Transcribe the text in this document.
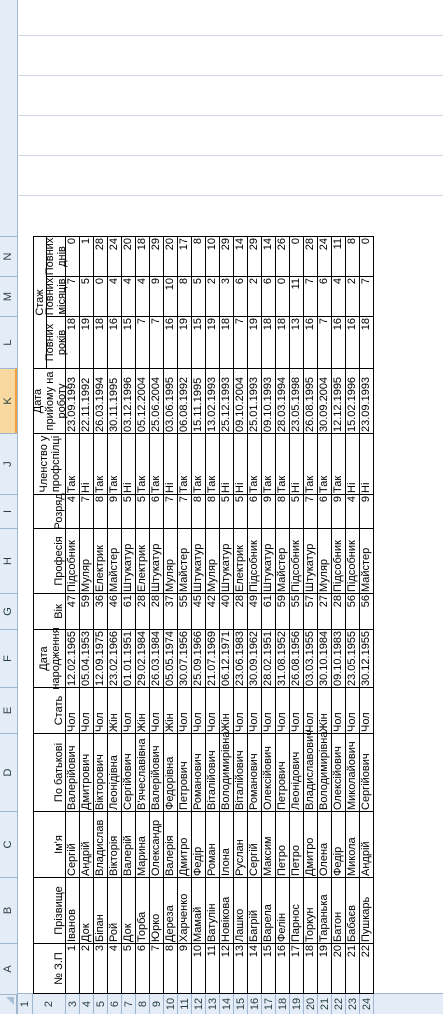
A
B
C
D
E
F
G
H
I
J
K
L
M
N
1	2	3 4 5 6 7 8 9 10 11 12 13 14 15 16 17 18 19 20 21 22 23 24
№ З.П
Прізвище
Ім'я
По батькові
Стать
Дата народження
Вік
Професія
Розряд
Членство у профспілці
Дата прийому на роботу
Стаж
Повних років
Повних місяців
Повних днів
1
Іванов
Сергій
Валерійович
Чол
12.02.1965
47
Підсобник
4
Так
23.09.1993
18
7
0
2
Док
Андрій
Дмитрович
Чол
05.04.1953
59
Муляр
7
Ні
22.11.1992
19
5
1
3
Біпан
Владислав
Вікторович
Чол
12.09.1975
36
Електрик
8
Так
26.03.1994
18
0
28
4
Рой
Вікторія
Леонідівна
Жін
23.02.1966
46
Майстер
9
Так
30.11.1995
16
4
24
5
Док
Валерій
Сергійович
Чол
01.01.1951
61
Штукатур
5
Ні
03.12.1996
15
4
20
6
Торба
Марина
В'ячеславівна
Жін
29.02.1984
28
Електрик
5
Так
05.12.2004
7
4
18
7
Юрко
Олександр
Валерійович
Чол
26.03.1984
28
Штукатур
6
Так
25.06.2004
7
9
29
8
Дереза
Валерія
Федорівна
Жін
05.05.1974
37
Муляр
7
Ні
03.06.1995
16
10
20
9
Харченко
Дмитро
Петрович
Чол
30.07.1956
55
Майстер
7
Так
06.08.1992
19
8
17
10
Мамай
Федір
Романович
Чол
25.09.1966
45
Штукатур
8
Так
15.11.1995
15
5
8
11
Ватулін
Роман
Віталійович
Чол
21.07.1969
42
Муляр
8
Так
13.02.1993
19
2
10
12
Новікова
Ілона
Володимирівна
Жін
06.12.1971
40
Штукатур
5
Ні
25.12.1993
18
3
29
13
Лашко
Руслан
Віталійович
Чол
23.06.1983
28
Електрик
5
Ні
09.10.2004
7
6
14
14
Багрій
Сергій
Романович
Чол
30.09.1962
49
Підсобник
6
Так
25.01.1993
19
2
29
15
Варела
Максим
Олексійович
Чол
28.02.1951
61
Штукатур
9
Так
09.10.1993
18
6
14
16
Фелін
Петро
Петрович
Чол
31.08.1952
59
Майстер
8
Так
28.03.1994
18
0
26
17
Парнос
Петро
Леонідович
Чол
26.08.1956
55
Підсобник
5
Ні
23.05.1998
13
11
0
18
Торкун
Дмитро
Владиславович
Чол
03.03.1955
57
Штукатур
7
Так
26.08.1995
16
7
28
19
Таранька
Олена
Володимирівна
Жін
30.10.1984
27
Муляр
6
Так
30.09.2004
7
6
24
20
Батон
Федір
Олексійович
Чол
09.10.1983
28
Підсобник
9
Так
12.12.1995
16
4
11
21
Бабаєв
Микола
Миколайович
Чол
23.05.1955
56
Підсобник
4
Ні
15.02.1996
16
2
8
22
Пушкарь
Андрій
Сергійович
Чол
30.12.1955
56
Майстер
9
Ні
23.09.1993
18
7
0
